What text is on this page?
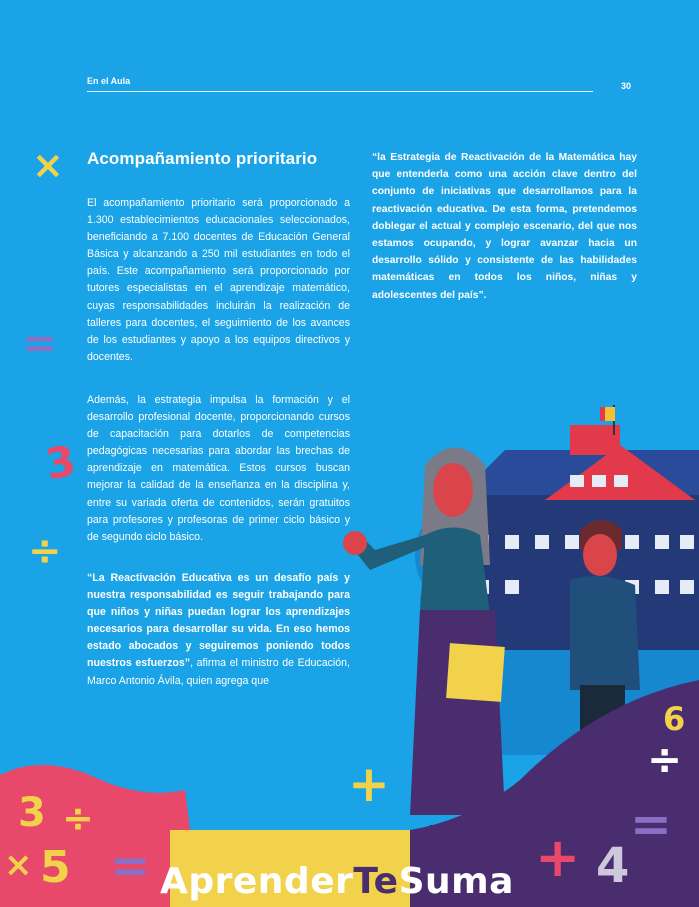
En el Aula	30
Acompañamiento prioritario

El acompañamiento prioritario será proporcionado a 1.300 establecimientos educacionales seleccionados, beneficiando a 7.100 docentes de Educación General Básica y alcanzando a 250 mil estudiantes en todo el país. Este acompañamiento será proporcionado por tutores especialistas en el aprendizaje matemático, cuyas responsabilidades incluirán la realización de talleres para docentes, el seguimiento de los avances de los estudiantes y apoyo a los equipos directivos y docentes.

Además, la estrategia impulsa la formación y el desarrollo profesional docente, proporcionando cursos de capacitación para dotarlos de competencias pedagógicas necesarias para abordar las brechas de aprendizaje en matemática. Estos cursos buscan mejorar la calidad de la enseñanza en la disciplina y, entre su variada oferta de contenidos, serán gratuitos para profesores y profesoras de primer ciclo básico y de segundo ciclo básico.

“La Reactivación Educativa es un desafío país y nuestra responsabilidad es seguir trabajando para que niños y niñas puedan lograr los aprendizajes necesarios para desarrollar su vida. En eso hemos estado abocados y seguiremos poniendo todos nuestros esfuerzos”, afirma el ministro de Educación, Marco Antonio Ávila, quien agrega que

“la Estrategia de Reactivación de la Matemática hay que entenderla como una acción clave dentro del conjunto de iniciativas que desarrollamos para la reactivación educativa. De esta forma, pretendemos doblegar el actual y complejo escenario, del que nos estamos ocupando, y lograr avanzar hacia un desarrollo sólido y consistente de las habilidades matemáticas en todos los niños, niñas y adolescentes del país”.
×
=
3
÷
+
3 ÷
× 5 =
6
÷
=
+ 4
AprenderTeSuma
